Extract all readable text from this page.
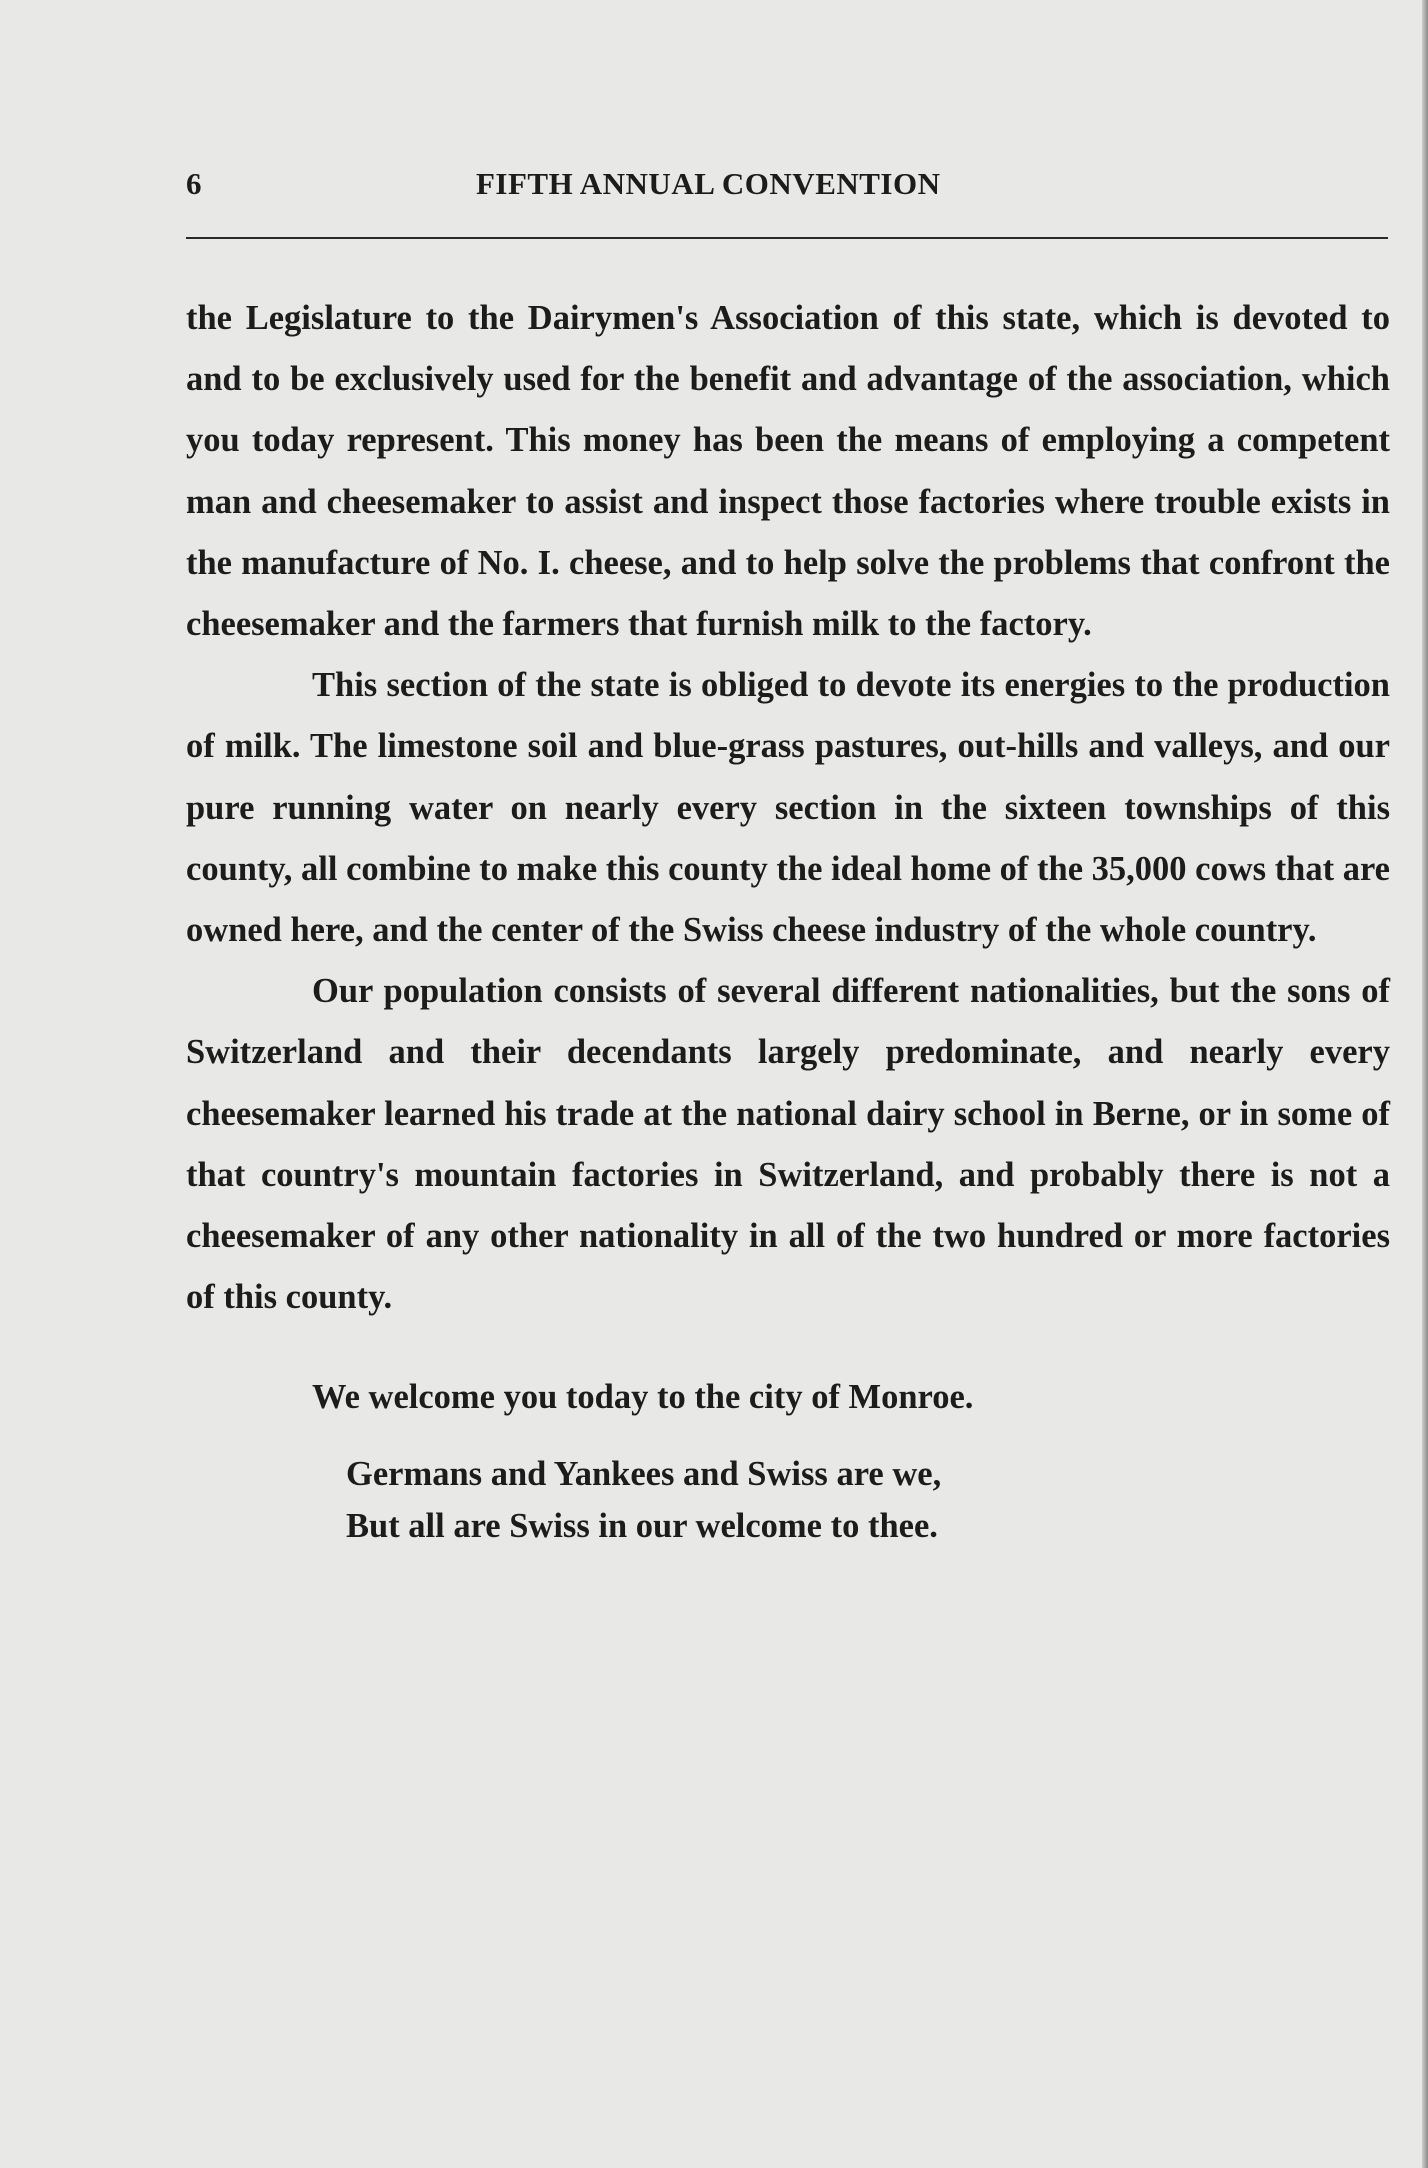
6	FIFTH ANNUAL CONVENTION

the Legislature to the Dairymen's Association of this state, which is devoted to and to be exclusively used for the benefit and advantage of the association, which you today represent. This money has been the means of employing a competent man and cheesemaker to assist and inspect those factories where trouble exists in the manufacture of No. I. cheese, and to help solve the problems that confront the cheesemaker and the farmers that furnish milk to the factory.

This section of the state is obliged to devote its energies to the production of milk. The limestone soil and blue-grass pastures, out-hills and valleys, and our pure running water on nearly every section in the sixteen townships of this county, all combine to make this county the ideal home of the 35,000 cows that are owned here, and the center of the Swiss cheese industry of the whole country.

Our population consists of several different nationalities, but the sons of Switzerland and their decendants largely predominate, and nearly every cheesemaker learned his trade at the national dairy school in Berne, or in some of that country's mountain factories in Switzerland, and probably there is not a cheesemaker of any other nationality in all of the two hundred or more factories of this county.

We welcome you today to the city of Monroe.
Germans and Yankees and Swiss are we,
But all are Swiss in our welcome to thee.
